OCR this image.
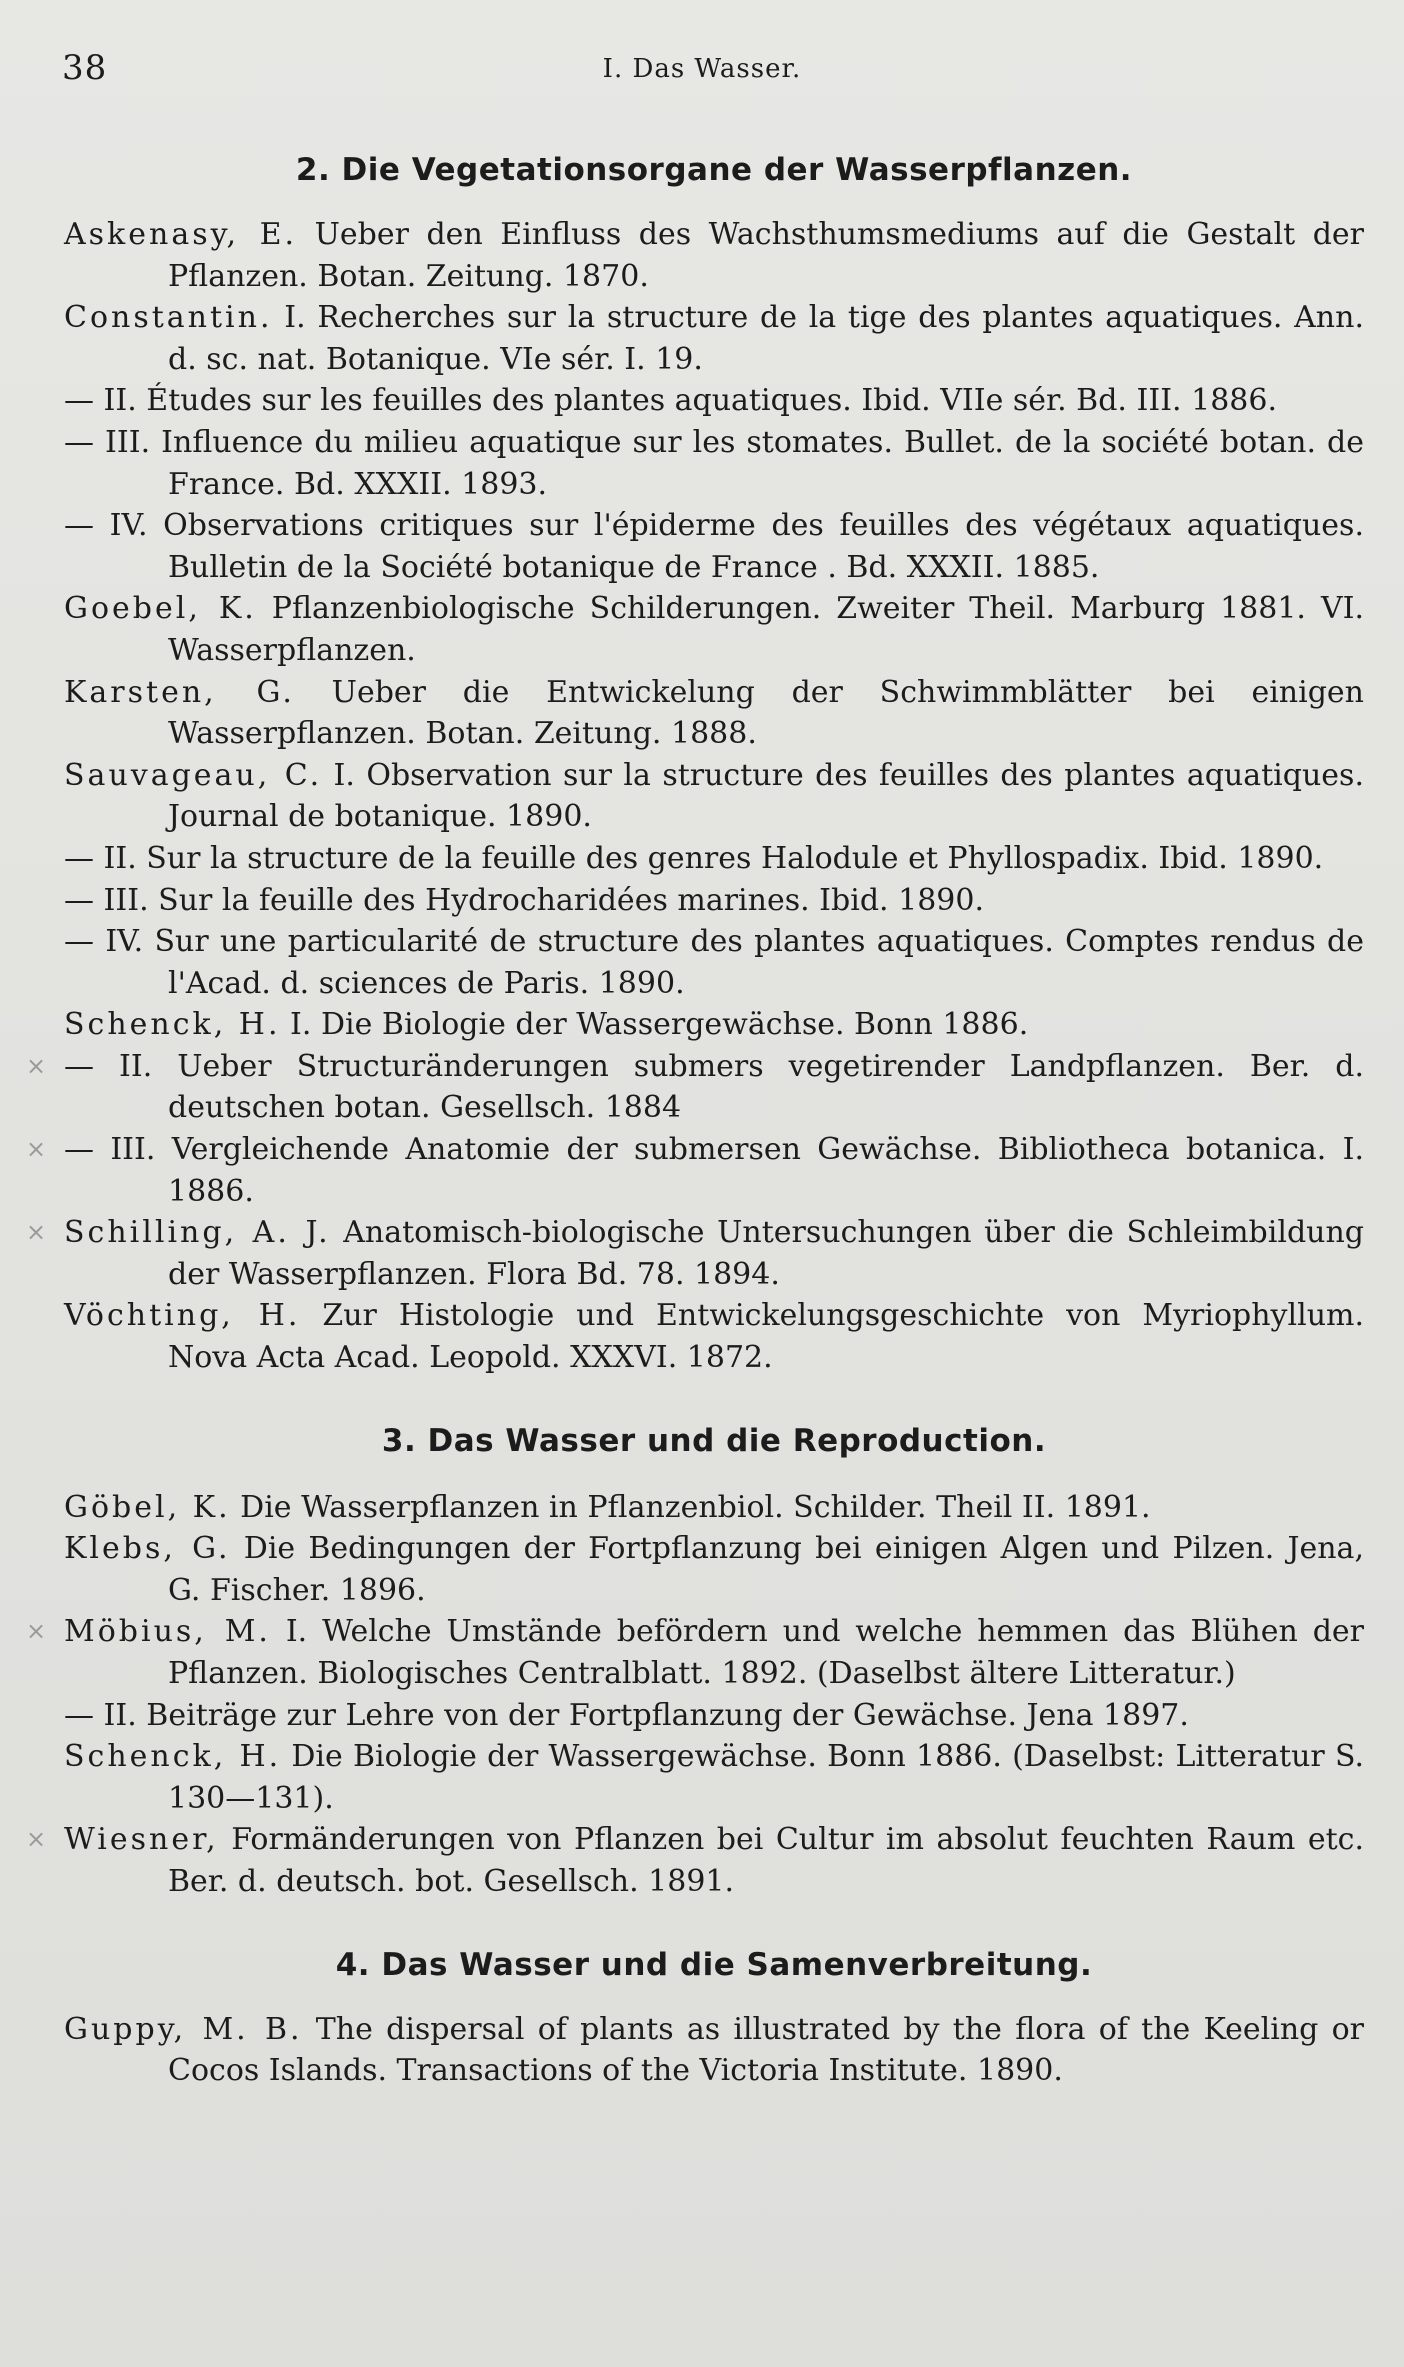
38	I. Das Wasser.
2. Die Vegetationsorgane der Wasserpflanzen.
Askenasy, E. Ueber den Einfluss des Wachsthumsmediums auf die Gestalt der Pflanzen. Botan. Zeitung. 1870.
Constantin. I. Recherches sur la structure de la tige des plantes aquatiques. Ann. d. sc. nat. Botanique. VIe sér. I. 19.
— II. Études sur les feuilles des plantes aquatiques. Ibid. VIIe sér. Bd. III. 1886.
— III. Influence du milieu aquatique sur les stomates. Bullet. de la société botan. de France. Bd. XXXII. 1893.
— IV. Observations critiques sur l'épiderme des feuilles des végétaux aquatiques. Bulletin de la Société botanique de France . Bd. XXXII. 1885.
Goebel, K. Pflanzenbiologische Schilderungen. Zweiter Theil. Marburg 1881. VI. Wasserpflanzen.
Karsten, G. Ueber die Entwickelung der Schwimmblätter bei einigen Wasserpflanzen. Botan. Zeitung. 1888.
Sauvageau, C. I. Observation sur la structure des feuilles des plantes aquatiques. Journal de botanique. 1890.
— II. Sur la structure de la feuille des genres Halodule et Phyllospadix. Ibid. 1890.
— III. Sur la feuille des Hydrocharidées marines. Ibid. 1890.
— IV. Sur une particularité de structure des plantes aquatiques. Comptes rendus de l'Acad. d. sciences de Paris. 1890.
Schenck, H. I. Die Biologie der Wassergewächse. Bonn 1886.
× — II. Ueber Structuränderungen submers vegetirender Landpflanzen. Ber. d. deutschen botan. Gesellsch. 1884
× — III. Vergleichende Anatomie der submersen Gewächse. Bibliotheca botanica. I. 1886.
× Schilling, A. J. Anatomisch-biologische Untersuchungen über die Schleimbildung der Wasserpflanzen. Flora Bd. 78. 1894.
Vöchting, H. Zur Histologie und Entwickelungsgeschichte von Myriophyllum. Nova Acta Acad. Leopold. XXXVI. 1872.
3. Das Wasser und die Reproduction.
Göbel, K. Die Wasserpflanzen in Pflanzenbiol. Schilder. Theil II. 1891.
Klebs, G. Die Bedingungen der Fortpflanzung bei einigen Algen und Pilzen. Jena, G. Fischer. 1896.
× Möbius, M. I. Welche Umstände befördern und welche hemmen das Blühen der Pflanzen. Biologisches Centralblatt. 1892. (Daselbst ältere Litteratur.)
— II. Beiträge zur Lehre von der Fortpflanzung der Gewächse. Jena 1897.
Schenck, H. Die Biologie der Wassergewächse. Bonn 1886. (Daselbst: Litteratur S. 130—131).
× Wiesner, Formänderungen von Pflanzen bei Cultur im absolut feuchten Raum etc. Ber. d. deutsch. bot. Gesellsch. 1891.
4. Das Wasser und die Samenverbreitung.
Guppy, M. B. The dispersal of plants as illustrated by the flora of the Keeling or Cocos Islands. Transactions of the Victoria Institute. 1890.
